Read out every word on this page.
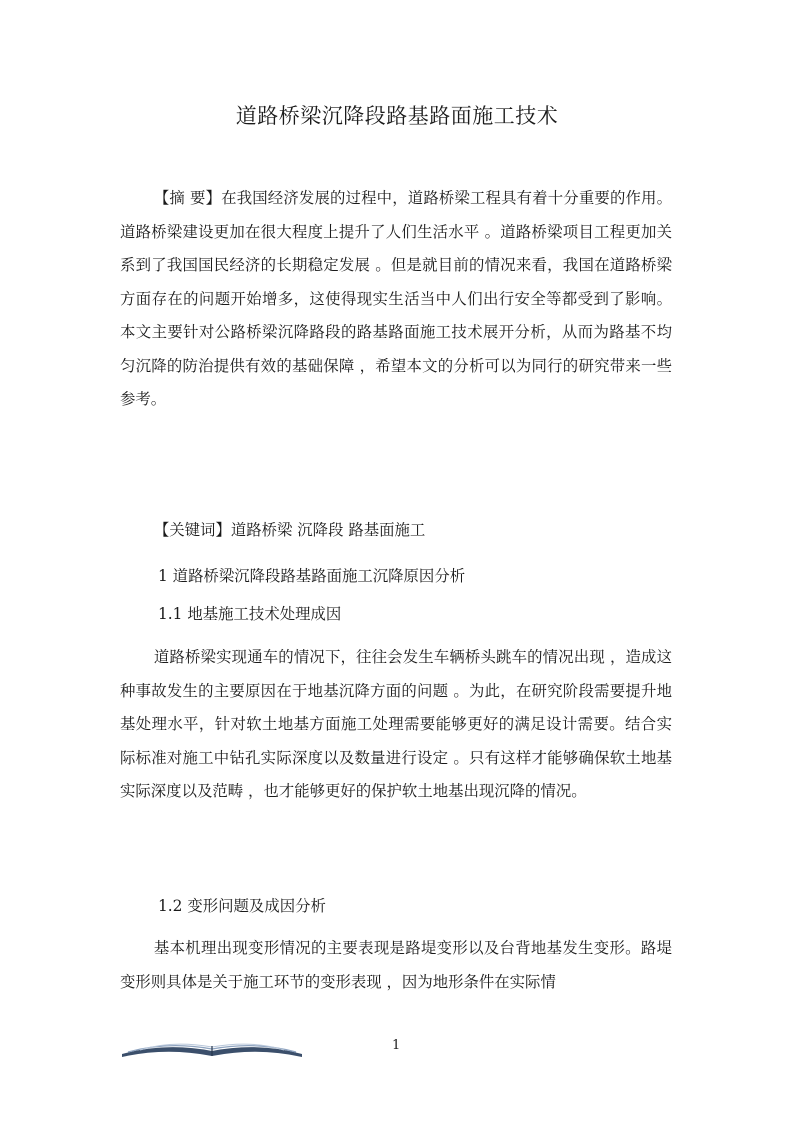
道路桥梁沉降段路基路面施工技术

【摘 要】在我国经济发展的过程中，道路桥梁工程具有着十分重要的作用。道路桥梁建设更加在很大程度上提升了人们生活水平 。道路桥梁项目工程更加关系到了我国国民经济的长期稳定发展 。但是就目前的情况来看，我国在道路桥梁方面存在的问题开始增多，这使得现实生活当中人们出行安全等都受到了影响。本文主要针对公路桥梁沉降路段的路基路面施工技术展开分析，从而为路基不均匀沉降的防治提供有效的基础保障 ，希望本文的分析可以为同行的研究带来一些参考。

【关键词】道路桥梁 沉降段 路基面施工

1 道路桥梁沉降段路基路面施工沉降原因分析
1.1 地基施工技术处理成因

道路桥梁实现通车的情况下，往往会发生车辆桥头跳车的情况出现 ，造成这种事故发生的主要原因在于地基沉降方面的问题 。为此，在研究阶段需要提升地基处理水平，针对软土地基方面施工处理需要能够更好的满足设计需要。结合实际标准对施工中钻孔实际深度以及数量进行设定 。只有这样才能够确保软土地基实际深度以及范畴 ，也才能够更好的保护软土地基出现沉降的情况。

1.2 变形问题及成因分析

基本机理出现变形情况的主要表现是路堤变形以及台背地基发生变形。路堤变形则具体是关于施工环节的变形表现 ，因为地形条件在实际情

1
